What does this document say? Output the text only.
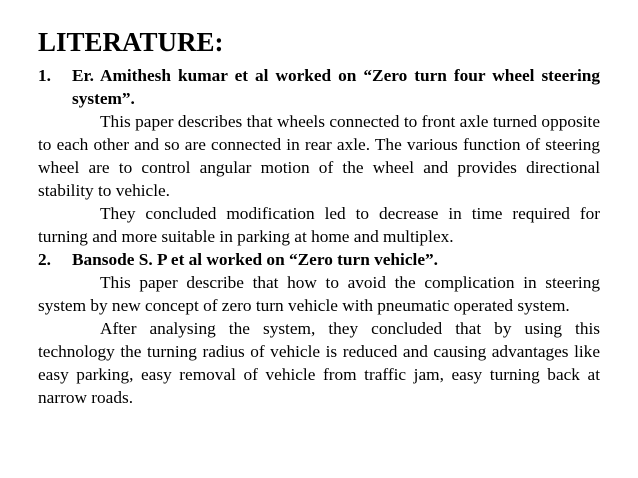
LITERATURE:
1.	Er. Amithesh kumar et al worked on “Zero turn four wheel steering system”.

This paper describes that wheels connected to front axle turned opposite to each other and so are connected in rear axle. The various function of steering wheel are to control angular motion of the wheel and provides directional stability to vehicle.

They concluded modification led to decrease in time required for turning and more suitable in parking at home and multiplex.

2.	Bansode S. P et al worked on “Zero turn vehicle”.

This paper describe that how to avoid the complication in steering system by new concept of zero turn vehicle with pneumatic operated system.

After analysing the system, they concluded that by using this technology the turning radius of vehicle is reduced and causing advantages like easy parking, easy removal of vehicle from traffic jam, easy turning back at narrow roads.
